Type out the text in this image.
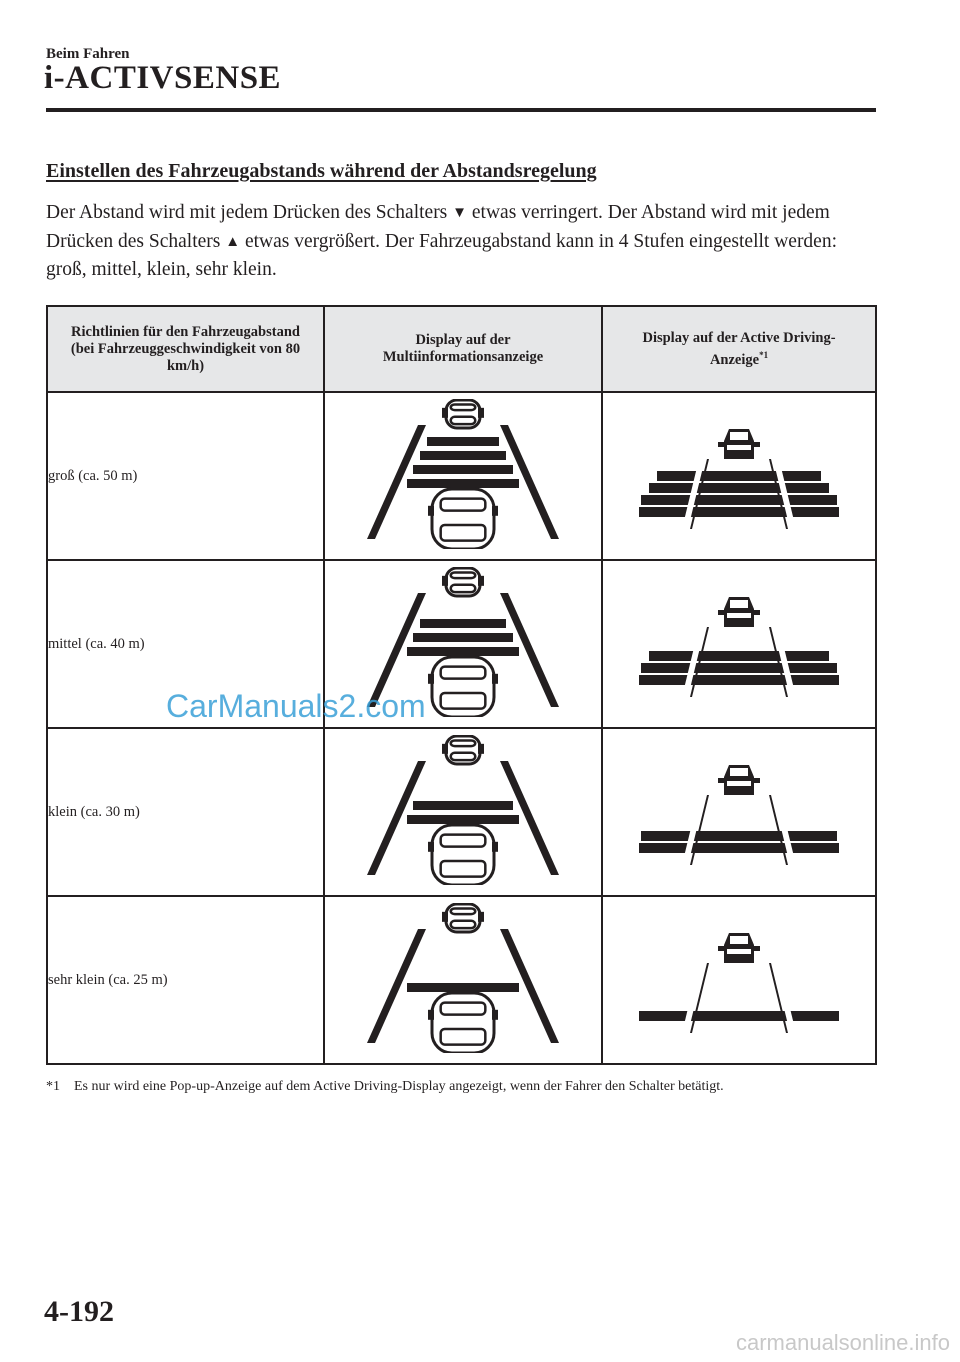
Beim Fahren
i-ACTIVSENSE
Einstellen des Fahrzeugabstands während der Abstandsregelung
Der Abstand wird mit jedem Drücken des Schalters ▼ etwas verringert. Der Abstand wird mit jedem Drücken des Schalters ▲ etwas vergrößert. Der Fahrzeugabstand kann in 4 Stufen eingestellt werden: groß, mittel, klein, sehr klein.
Richtlinien für den Fahrzeugabstand (bei Fahrzeuggeschwindigkeit von 80 km/h)	Display auf der Multiinformationsanzeige	Display auf der Active Driving-Anzeige$^{*1}$

groß (ca. 50 m)		
mittel (ca. 40 m)		
klein (ca. 30 m)		
sehr klein (ca. 25 m)		
*1 Es nur wird eine Pop-up-Anzeige auf dem Active Driving-Display angezeigt, wenn der Fahrer den Schalter betätigt.
CarManuals2.com
4-192
carmanualsonline.info
